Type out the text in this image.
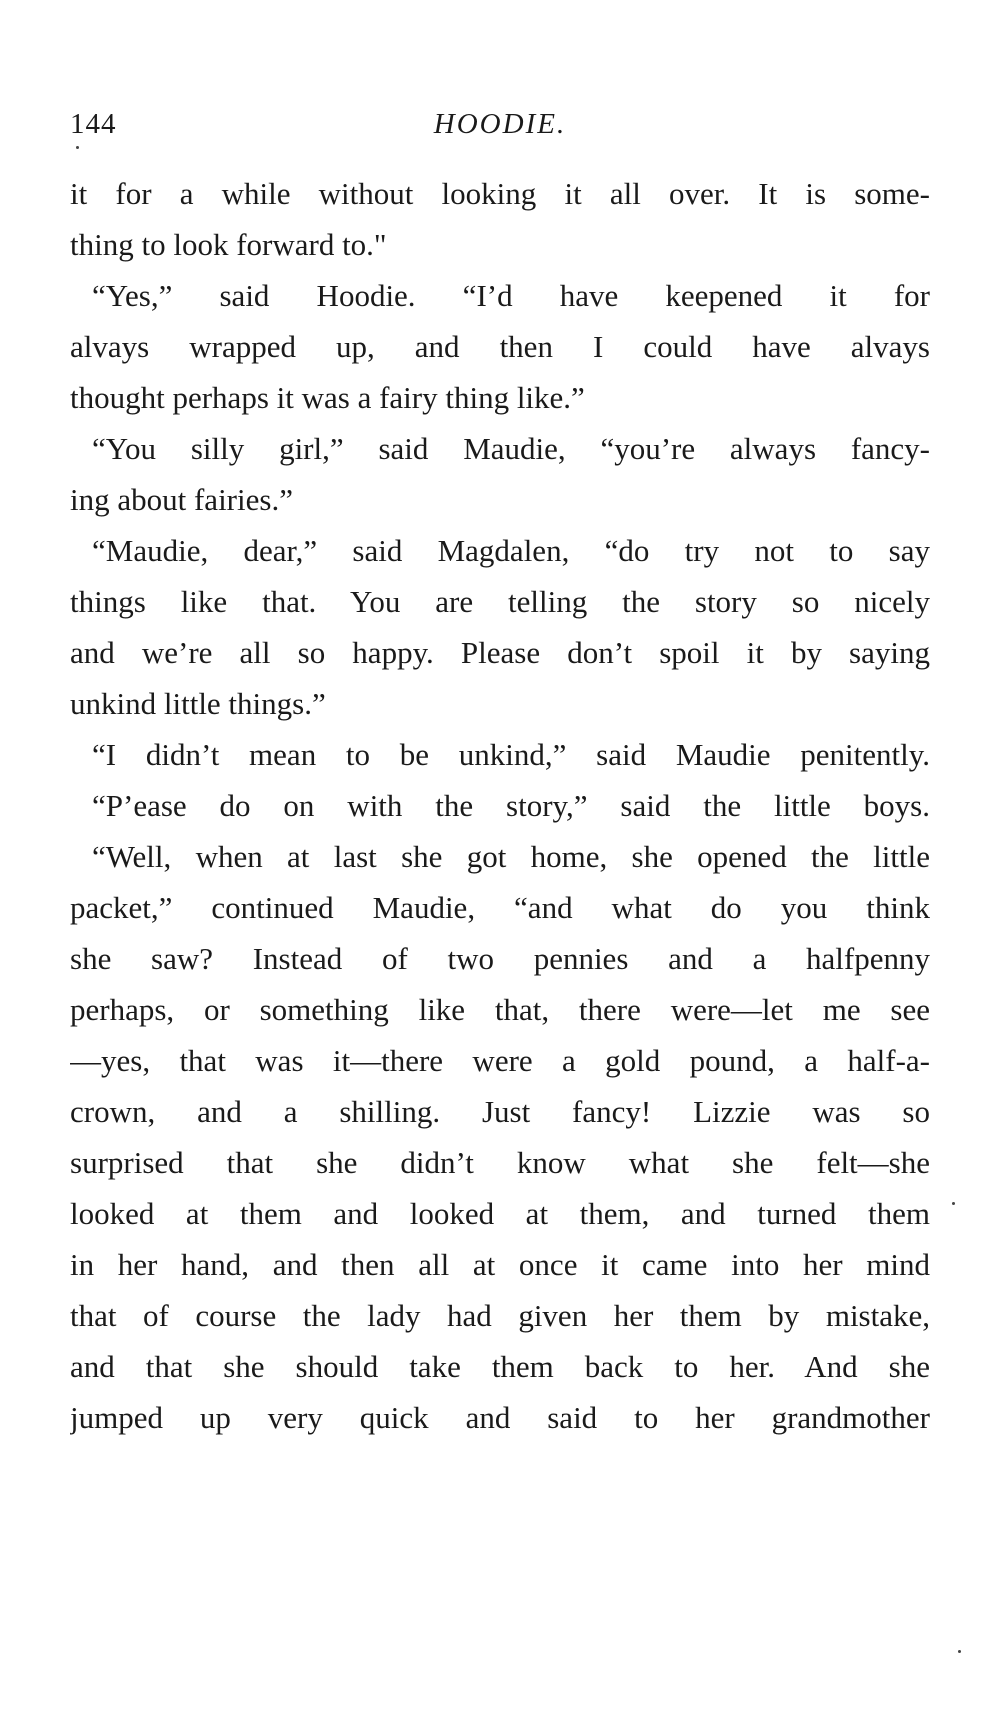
144	HOODIE.
it for a while without looking it all over. It is some-
thing to look forward to."
“Yes,” said Hoodie. “I’d have keepened it for
alvays wrapped up, and then I could have alvays
thought perhaps it was a fairy thing like.”
“You silly girl,” said Maudie, “you’re always fancy-
ing about fairies.”
“Maudie, dear,” said Magdalen, “do try not to say
things like that. You are telling the story so nicely
and we’re all so happy. Please don’t spoil it by saying
unkind little things.”
“I didn’t mean to be unkind,” said Maudie penitently.
“P’ease do on with the story,” said the little boys.
“Well, when at last she got home, she opened the little
packet,” continued Maudie, “and what do you think
she saw? Instead of two pennies and a halfpenny
perhaps, or something like that, there were—let me see
—yes, that was it—there were a gold pound, a half-a-
crown, and a shilling. Just fancy! Lizzie was so
surprised that she didn’t know what she felt—she
looked at them and looked at them, and turned them
in her hand, and then all at once it came into her mind
that of course the lady had given her them by mistake,
and that she should take them back to her. And she
jumped up very quick and said to her grandmother
